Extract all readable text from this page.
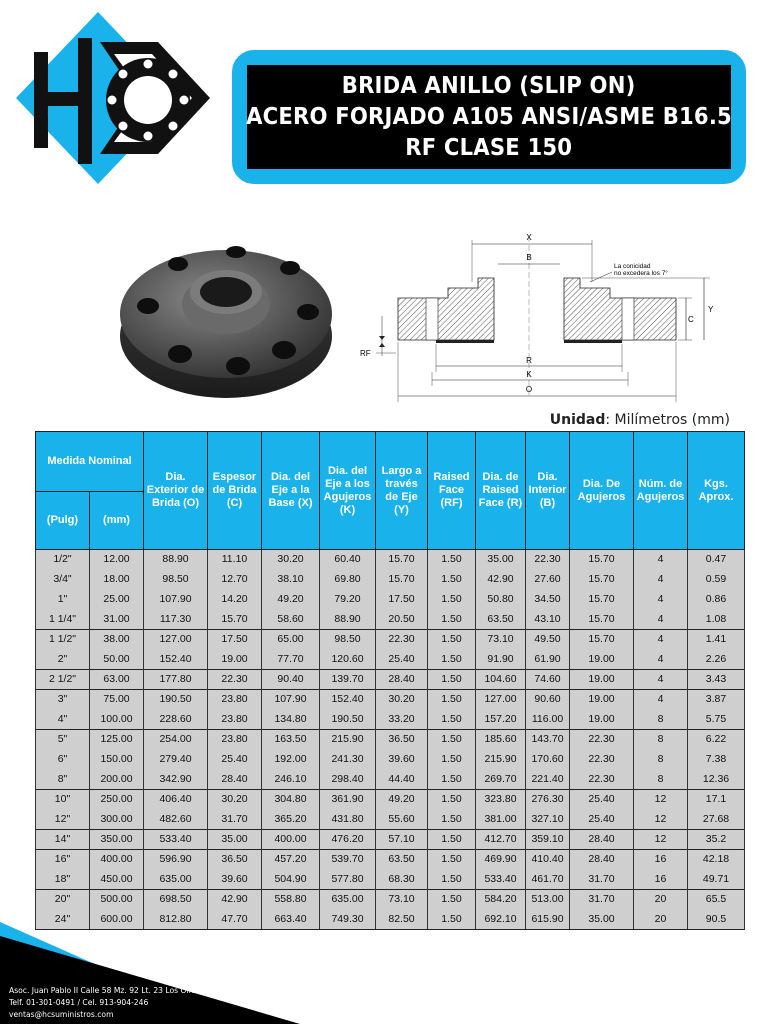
BRIDA ANILLO (SLIP ON)
ACERO FORJADO A105 ANSI/ASME B16.5
RF CLASE 150
X
B
La conicidad
no excedera los 7°
C
Y
RF
R
K
O
Unidad: Milímetros (mm)
Medida Nominal		Dia. Exterior de Brida (O)	Espesor de Brida (C)	Dia. del Eje a la Base (X)	Dia. del Eje a los Agujeros (K)	Largo a través de Eje (Y)	Raised Face (RF)	Dia. de Raised Face (R)	Dia. Interior (B)	Dia. De Agujeros	Núm. de Agujeros	Kgs. Aprox.
(Pulg)	(mm)											
1/2"	12.00	88.90	11.10	30.20	60.40	15.70	1.50	35.00	22.30	15.70	4	0.47
3/4"	18.00	98.50	12.70	38.10	69.80	15.70	1.50	42.90	27.60	15.70	4	0.59
1"	25.00	107.90	14.20	49.20	79.20	17.50	1.50	50.80	34.50	15.70	4	0.86
1 1/4"	31.00	117.30	15.70	58.60	88.90	20.50	1.50	63.50	43.10	15.70	4	1.08
1 1/2"	38.00	127.00	17.50	65.00	98.50	22.30	1.50	73.10	49.50	15.70	4	1.41
2"	50.00	152.40	19.00	77.70	120.60	25.40	1.50	91.90	61.90	19.00	4	2.26
2 1/2"	63.00	177.80	22.30	90.40	139.70	28.40	1.50	104.60	74.60	19.00	4	3.43
3"	75.00	190.50	23.80	107.90	152.40	30.20	1.50	127.00	90.60	19.00	4	3.87
4"	100.00	228.60	23.80	134.80	190.50	33.20	1.50	157.20	116.00	19.00	8	5.75
5"	125.00	254.00	23.80	163.50	215.90	36.50	1.50	185.60	143.70	22.30	8	6.22
6"	150.00	279.40	25.40	192.00	241.30	39.60	1.50	215.90	170.60	22.30	8	7.38
8"	200.00	342.90	28.40	246.10	298.40	44.40	1.50	269.70	221.40	22.30	8	12.36
10"	250.00	406.40	30.20	304.80	361.90	49.20	1.50	323.80	276.30	25.40	12	17.1
12"	300.00	482.60	31.70	365.20	431.80	55.60	1.50	381.00	327.10	25.40	12	27.68
14"	350.00	533.40	35.00	400.00	476.20	57.10	1.50	412.70	359.10	28.40	12	35.2
16"	400.00	596.90	36.50	457.20	539.70	63.50	1.50	469.90	410.40	28.40	16	42.18
18"	450.00	635.00	39.60	504.90	577.80	68.30	1.50	533.40	461.70	31.70	16	49.71
20"	500.00	698.50	42.90	558.80	635.00	73.10	1.50	584.20	513.00	31.70	20	65.5
24"	600.00	812.80	47.70	663.40	749.30	82.50	1.50	692.10	615.90	35.00	20	90.5
Asoc. Juan Pablo II Calle 58 Mz. 92 Lt. 23 Los Olivos
Telf. 01-301-0491 / Cel. 913-904-246
ventas@hcsuministros.com
